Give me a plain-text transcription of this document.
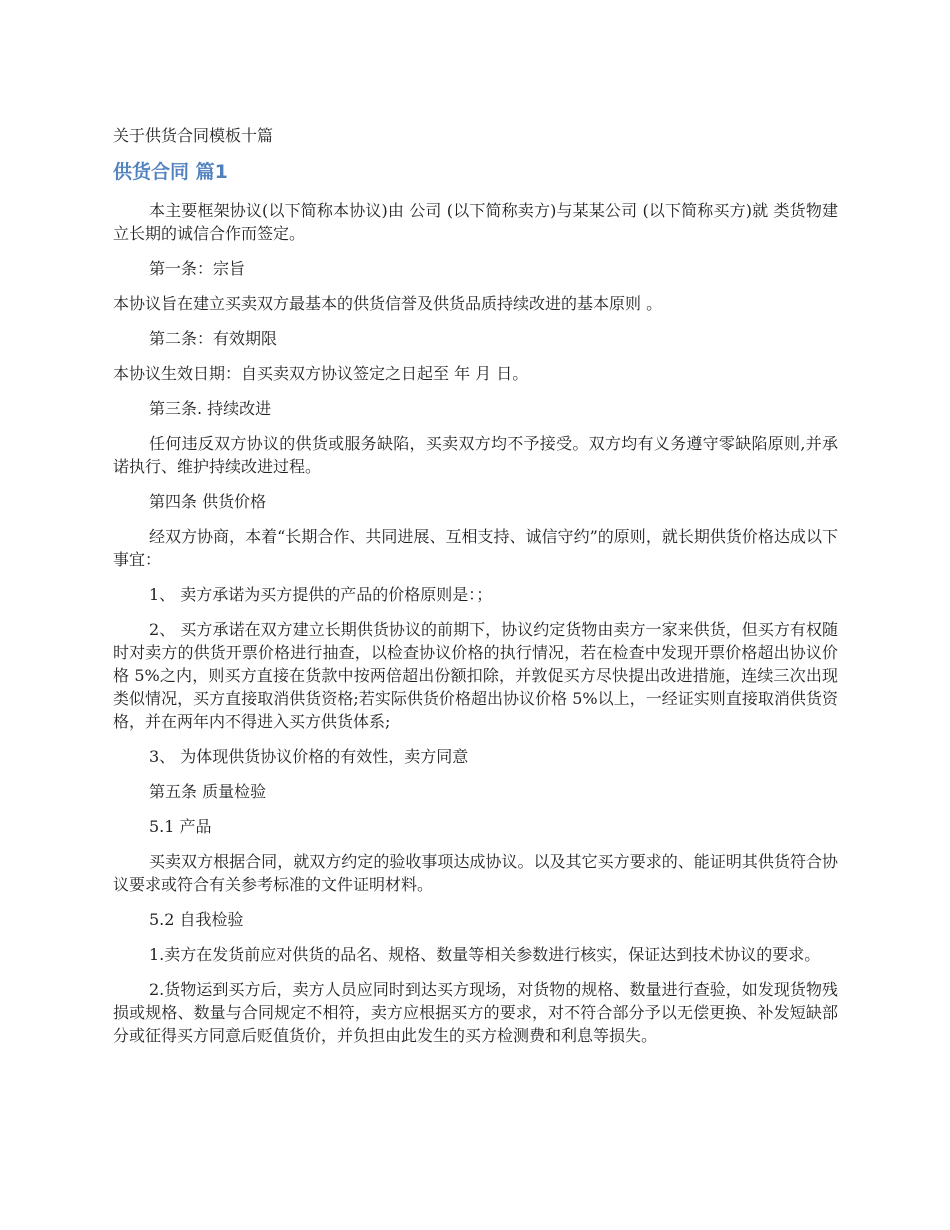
关于供货合同模板十篇
供货合同 篇1

本主要框架协议(以下简称本协议)由 公司 (以下简称卖方)与某某公司 (以下简称买方)就 类货物建立长期的诚信合作而签定。

第一条：宗旨

本协议旨在建立买卖双方最基本的供货信誉及供货品质持续改进的基本原则 。

第二条：有效期限

本协议生效日期：自买卖双方协议签定之日起至 年 月 日。

第三条. 持续改进

任何违反双方协议的供货或服务缺陷，买卖双方均不予接受。双方均有义务遵守零缺陷原则,并承诺执行、维护持续改进过程。

第四条 供货价格

经双方协商，本着“长期合作、共同进展、互相支持、诚信守约”的原则，就长期供货价格达成以下事宜：

1、 卖方承诺为买方提供的产品的价格原则是：；

2、 买方承诺在双方建立长期供货协议的前期下，协议约定货物由卖方一家来供货，但买方有权随时对卖方的供货开票价格进行抽查，以检查协议价格的执行情况，若在检查中发现开票价格超出协议价格 5%之内，则买方直接在货款中按两倍超出份额扣除，并敦促买方尽快提出改进措施，连续三次出现类似情况，买方直接取消供货资格;若实际供货价格超出协议价格 5%以上，一经证实则直接取消供货资格，并在两年内不得进入买方供货体系;

3、 为体现供货协议价格的有效性，卖方同意

第五条 质量检验

5.1 产品

买卖双方根据合同，就双方约定的验收事项达成协议。以及其它买方要求的、能证明其供货符合协议要求或符合有关参考标准的文件证明材料。

5.2 自我检验

1.卖方在发货前应对供货的品名、规格、数量等相关参数进行核实，保证达到技术协议的要求。

2.货物运到买方后，卖方人员应同时到达买方现场，对货物的规格、数量进行查验，如发现货物残损或规格、数量与合同规定不相符，卖方应根据买方的要求，对不符合部分予以无偿更换、补发短缺部分或征得买方同意后贬值货价，并负担由此发生的买方检测费和利息等损失。
